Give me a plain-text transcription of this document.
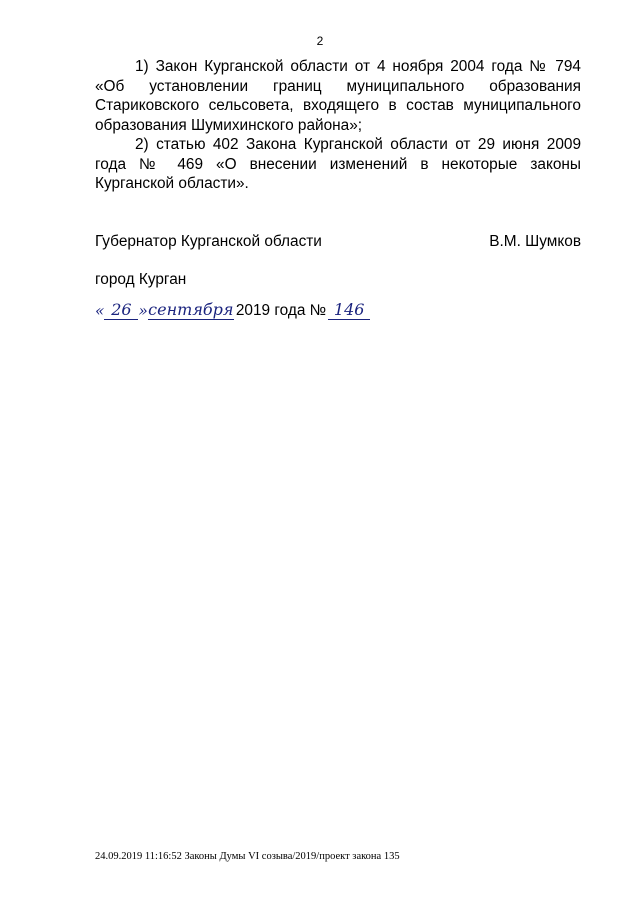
2

1) Закон Курганской области от 4 ноября 2004 года № 794 «Об установлении границ муниципального образования Стариковского сельсовета, входящего в состав муниципального образования Шумихинского района»;

2) статью 402 Закона Курганской области от 29 июня 2009 года № 469 «О внесении изменений в некоторые законы Курганской области».

Губернатор Курганской области	В.М. Шумков
город Курган
« 26 » сентября 2019 года № 146
24.09.2019 11:16:52 Законы Думы VI созыва/2019/проект закона 135
